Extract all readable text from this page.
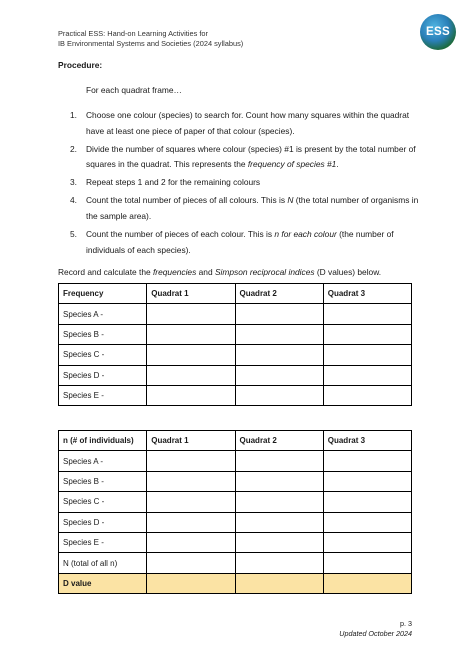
Practical ESS: Hand-on Learning Activities for
IB Environmental Systems and Societies (2024 syllabus)
ESS
Procedure:
For each quadrat frame…
1.	Choose one colour (species) to search for. Count how many squares within the quadrat have at least one piece of paper of that colour (species).
2.	Divide the number of squares where colour (species) #1 is present by the total number of squares in the quadrat. This represents the frequency of species #1.
3.	Repeat steps 1 and 2 for the remaining colours
4.	Count the total number of pieces of all colours. This is N (the total number of organisms in the sample area).
5.	Count the number of pieces of each colour. This is n for each colour (the number of individuals of each species).
Record and calculate the frequencies and Simpson reciprocal indices (D values) below.
Frequency	Quadrat 1	Quadrat 2	Quadrat 3
Species A -			
Species B -			
Species C -			
Species D -			
Species E -			
n (# of individuals)	Quadrat 1	Quadrat 2	Quadrat 3
Species A -			
Species B -			
Species C -			
Species D -			
Species E -			
N (total of all n)			
D value			
p. 3
Updated October 2024
